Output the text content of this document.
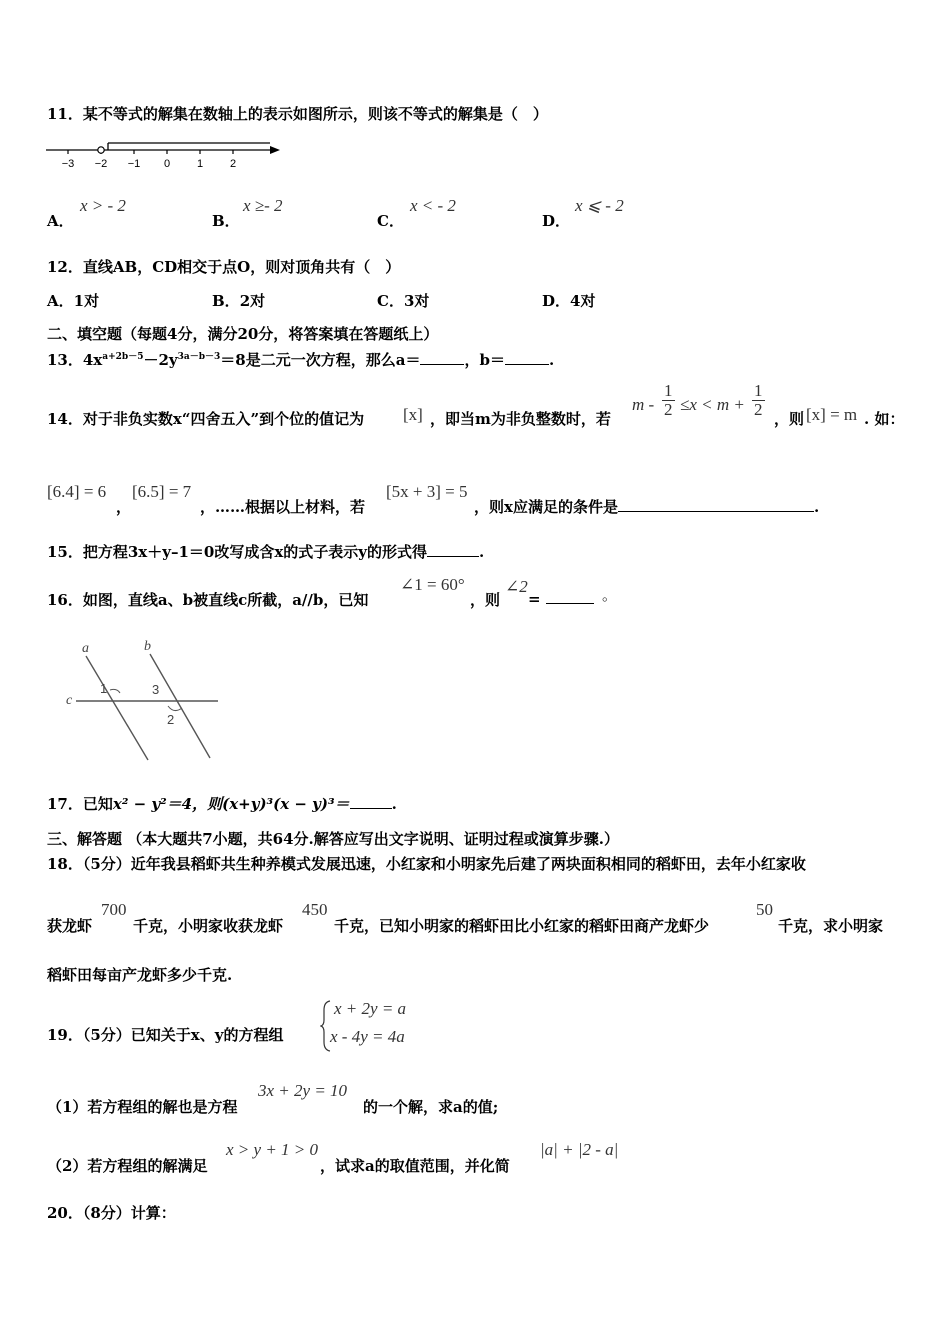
11．某不等式的解集在数轴上的表示如图所示，则该不等式的解集是（　）
−3 −2 −1 0 1 2
A．
x > - 2
B．
x ≥- 2
C．
x < - 2
D．
x ⩽ - 2
12．直线AB，CD相交于点O，则对顶角共有（　）
A．1对	B．2对	C．3对	D．4对
二、填空题（每题4分，满分20分，将答案填在答题纸上）
13．$4x^{a+2b-5}-2y^{3a-b-3}=8$是二元一次方程，那么a＝	，b＝	.
14．对于非负实数x“四舍五入”到个位的值记为 [x] ，即当m为非负整数时，若
$m - \frac{1}{2} \le x < m + \frac{1}{2}$ ，则 [x] = m . 如：
[6.4] = 6
，
[6.5] = 7
，……根据以上材料，若
[5x + 3] = 5
，则x应满足的条件是	.
15．把方程3x＋y–1＝0改写成含x的式子表示y的形式得	.
16．如图，直线a、b被直线c所截，a//b，已知
∠1 = 60°
，则
∠2
=	。
a	b
c
1	3
2
17．已知x² − y²＝4，则(x+y)³(x − y)³＝	.
三、解答题 （本大题共7小题，共64分.解答应写出文字说明、证明过程或演算步骤.）
18．（5分）近年我县稻虾共生种养模式发展迅速，小红家和小明家先后建了两块面积相同的稻虾田，去年小红家收
获龙虾
700
千克，小明家收获龙虾
450
千克，已知小明家的稻虾田比小红家的稻虾田商产龙虾少
50
千克，求小明家
稻虾田每亩产龙虾多少千克.
19．（5分）已知关于x、y的方程组
x + 2y = a
x - 4y = 4a
（1）若方程组的解也是方程
3x + 2y = 10
的一个解，求a的值;
（2）若方程组的解满足
x > y + 1 > 0
，试求a的取值范围，并化简
|a| + |2 - a|
20．（8分）计算：
